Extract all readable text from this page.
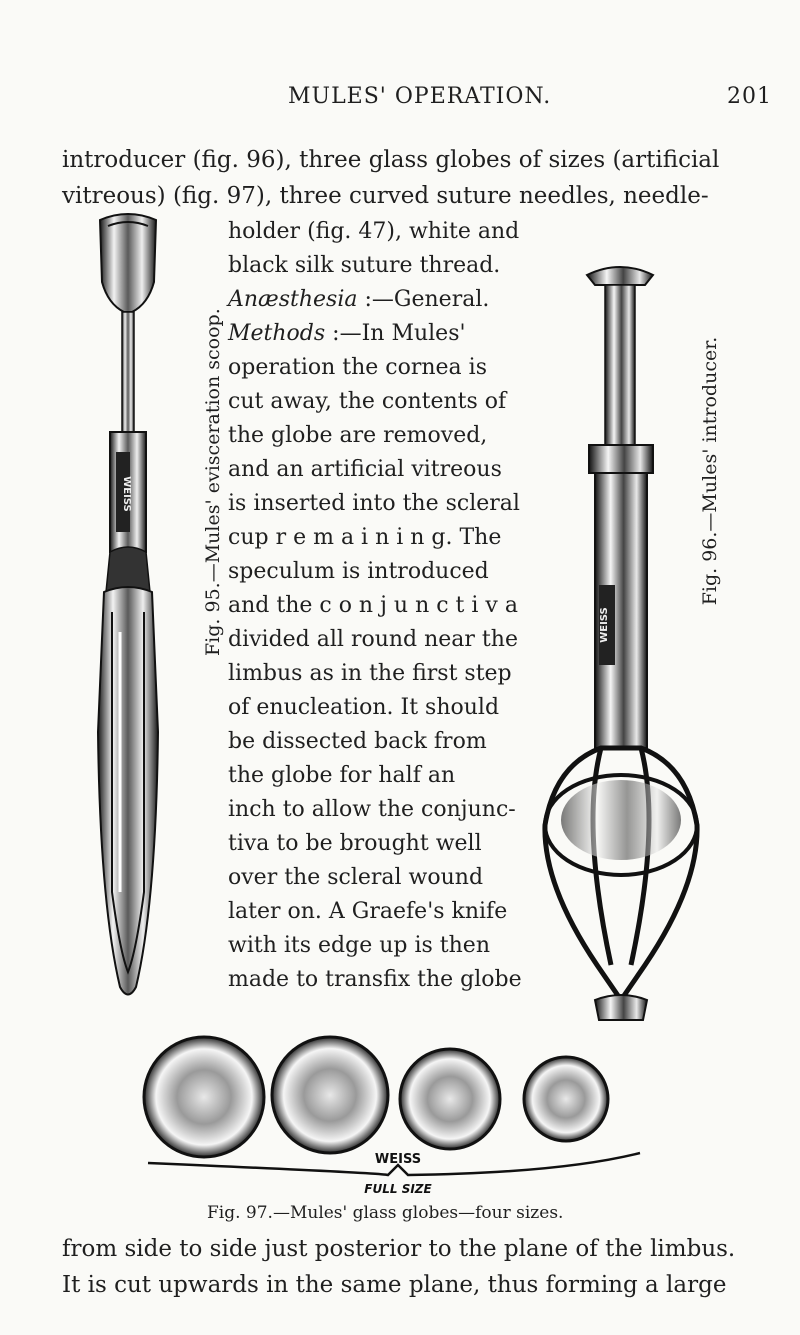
MULES' OPERATION.	201
introducer (fig. 96), three glass globes of sizes (artificial
vitreous) (fig. 97), three curved suture needles, needle-
holder (fig. 47), white and
black silk suture thread.
Anæsthesia :—General.
Methods :—In Mules'
operation the cornea is
cut away, the contents of
the globe are removed,
and an artificial vitreous
is inserted into the scleral
cup r e m a i n i n g. The
speculum is introduced
and the c o n j u n c t i v a
divided all round near the
limbus as in the first step
of enucleation. It should
be dissected back from
the globe for half an
inch to allow the conjunc-
tiva to be brought well
over the scleral wound
later on. A Graefe's knife
with its edge up is then
made to transfix the globe
WEISS	Fig. 95.—Mules' evisceration scoop.	WEISS
Fig. 96.—Mules' introducer.
WEISS
FULL SIZE
Fig. 97.—Mules' glass globes—four sizes.
from side to side just posterior to the plane of the limbus.
It is cut upwards in the same plane, thus forming a large
